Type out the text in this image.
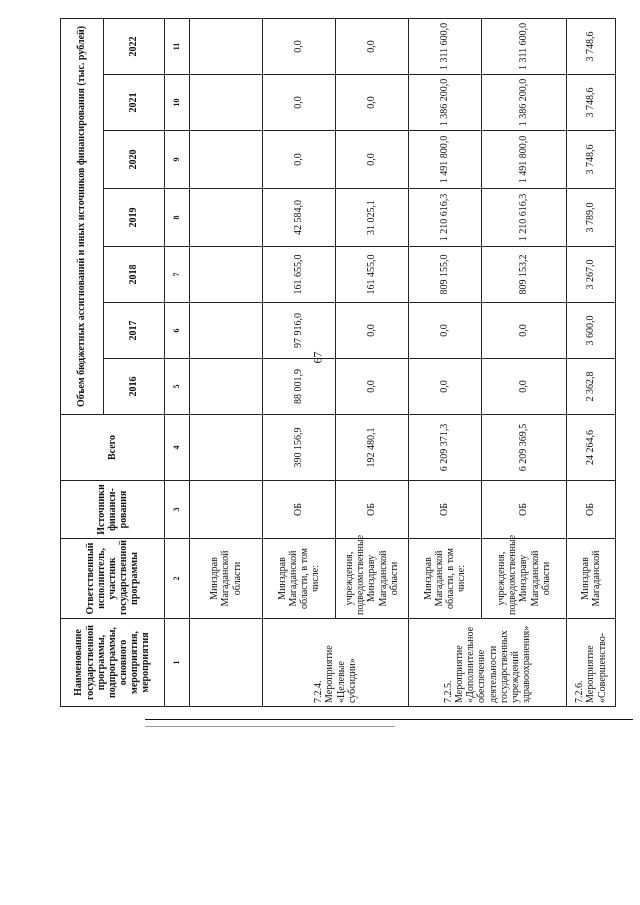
67
Наименование государственной программы, подпрограммы, основного мероприятия, мероприятия	Ответственный исполнитель, участник государственной программы	Источники финанси-рования	Всего	Объем бюджетных ассигнований и иных источников финансирования (тыс. рублей)						
				2016	2017	2018	2019	2020	2021	2022
1	2	3	4	5	6	7	8	9	10	11
	Минздрав Магаданской области									
7.2.4. Мероприятие «Целевые субсидии»	Минздрав Магаданской области, в том числе:	ОБ	390 156,9	88 001,9	97 916,0	161 655,0	42 584,0	0,0	0,0	0,0
	учреждения, подведомственные Минздраву Магаданской области	ОБ	192 480,1	0,0	0,0	161 455,0	31 025,1	0,0	0,0	0,0
7.2.5. Мероприятие «Дополнительное обеспечение деятельности государственных учреждений здравоохранения»	Минздрав Магаданской области, в том числе:	ОБ	6 209 371,3	0,0	0,0	809 155,0	1 210 616,3	1 491 800,0	1 386 200,0	1 311 600,0
	учреждения, подведомственные Минздраву Магаданской области	ОБ	6 209 369,5	0,0	0,0	809 153,2	1 210 616,3	1 491 800,0	1 386 200,0	1 311 600,0
7.2.6. Мероприятие «Совершенство-	Минздрав Магаданской	ОБ	24 264,6	2 362,8	3 600,0	3 267,0	3 789,0	3 748,6	3 748,6	3 748,6
